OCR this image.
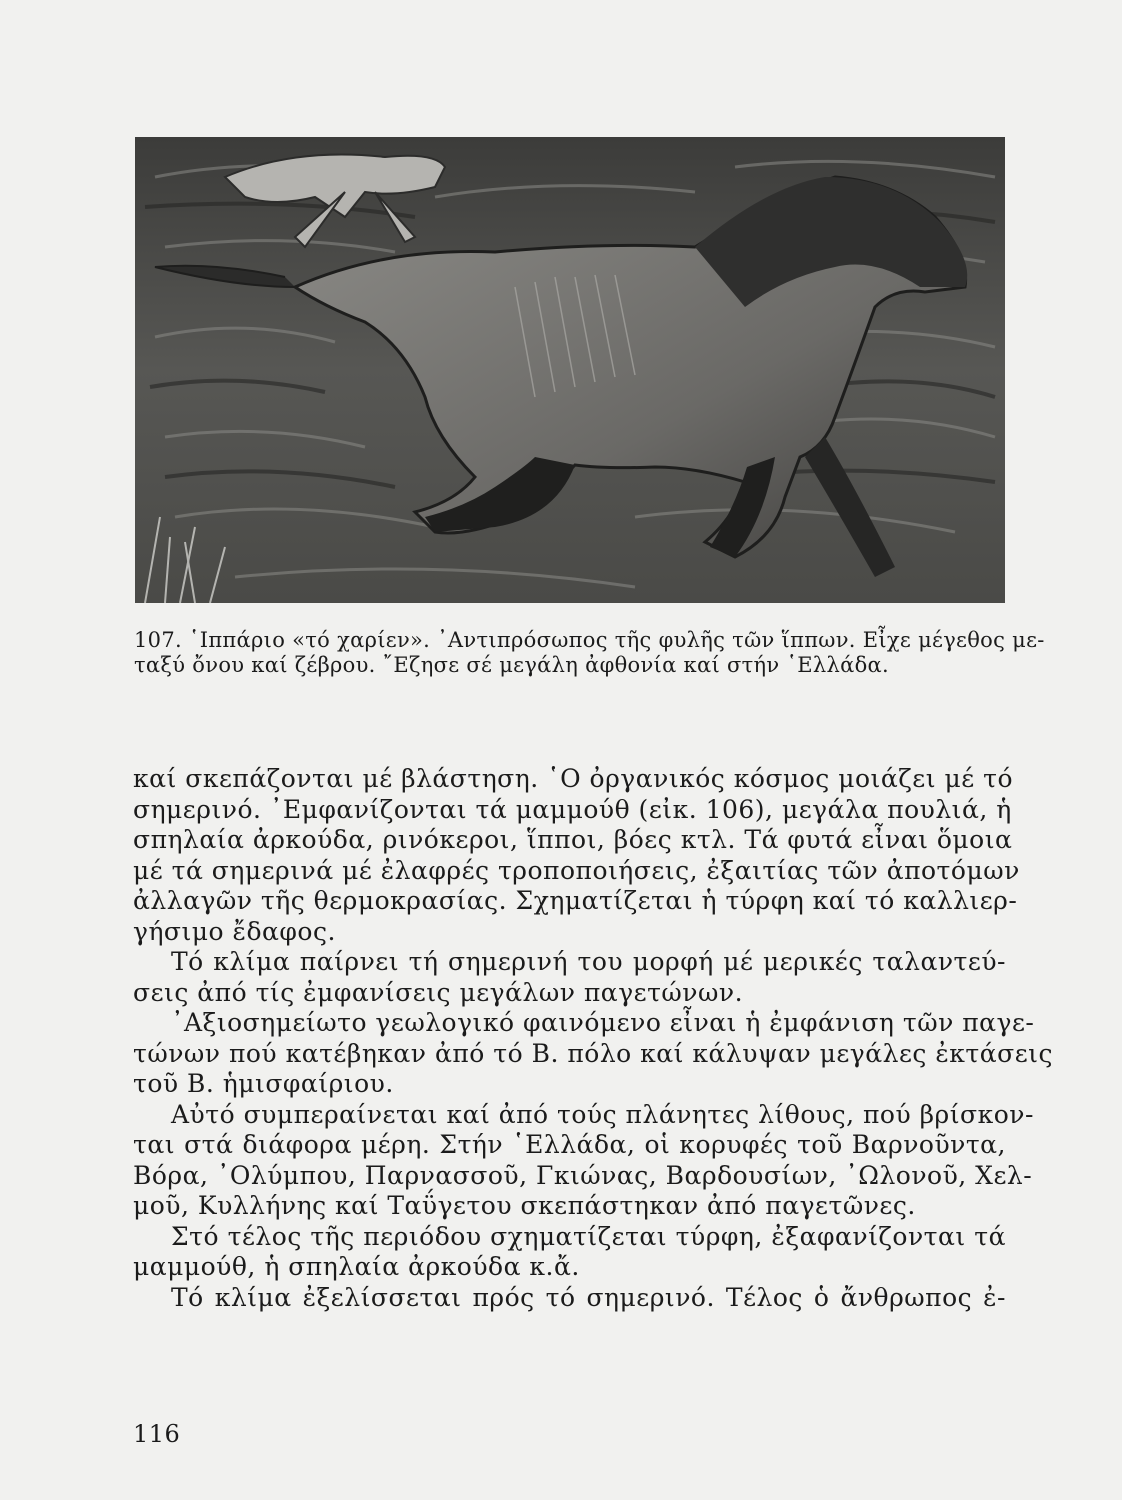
107. ῾Ιππάριο «τό χαρίεν». ᾽Αντιπρόσωπος τῆς φυλῆς τῶν ἵππων. Εἶχε μέγεθος με-
ταξύ ὄνου καί ζέβρου. ῎Εζησε σέ μεγάλη ἀφθονία καί στήν ῾Ελλάδα.
καί σκεπάζονται μέ βλάστηση. ῾Ο ὀργανικός κόσμος μοιάζει μέ τό
σημερινό. ᾽Εμφανίζονται τά μαμμούθ (εἰκ. 106), μεγάλα πουλιά, ἡ
σπηλαία ἀρκούδα, ρινόκεροι, ἵπποι, βόες κτλ. Τά φυτά εἶναι ὅμοια
μέ τά σημερινά μέ ἐλαφρές τροποποιήσεις, ἐξαιτίας τῶν ἀποτόμων
ἀλλαγῶν τῆς θερμοκρασίας. Σχηματίζεται ἡ τύρφη καί τό καλλιερ-
γήσιμο ἔδαφος.
Τό κλίμα παίρνει τή σημερινή του μορφή μέ μερικές ταλαντεύ-
σεις ἀπό τίς ἐμφανίσεις μεγάλων παγετώνων.
᾽Αξιοσημείωτο γεωλογικό φαινόμενο εἶναι ἡ ἐμφάνιση τῶν παγε-
τώνων πού κατέβηκαν ἀπό τό Β. πόλο καί κάλυψαν μεγάλες ἐκτάσεις
τοῦ Β. ἡμισφαίριου.
Αὐτό συμπεραίνεται καί ἀπό τούς πλάνητες λίθους, πού βρίσκον-
ται στά διάφορα μέρη. Στήν ῾Ελλάδα, οἱ κορυφές τοῦ Βαρνοῦντα,
Βόρα, ᾽Ολύμπου, Παρνασσοῦ, Γκιώνας, Βαρδουσίων, ᾽Ωλονοῦ, Χελ-
μοῦ, Κυλλήνης καί Ταΰγετου σκεπάστηκαν ἀπό παγετῶνες.
Στό τέλος τῆς περιόδου σχηματίζεται τύρφη, ἐξαφανίζονται τά
μαμμούθ, ἡ σπηλαία ἀρκούδα κ.ἄ.
Τό κλίμα ἐξελίσσεται πρός τό σημερινό. Τέλος ὁ ἄνθρωπος ἐ-
116
